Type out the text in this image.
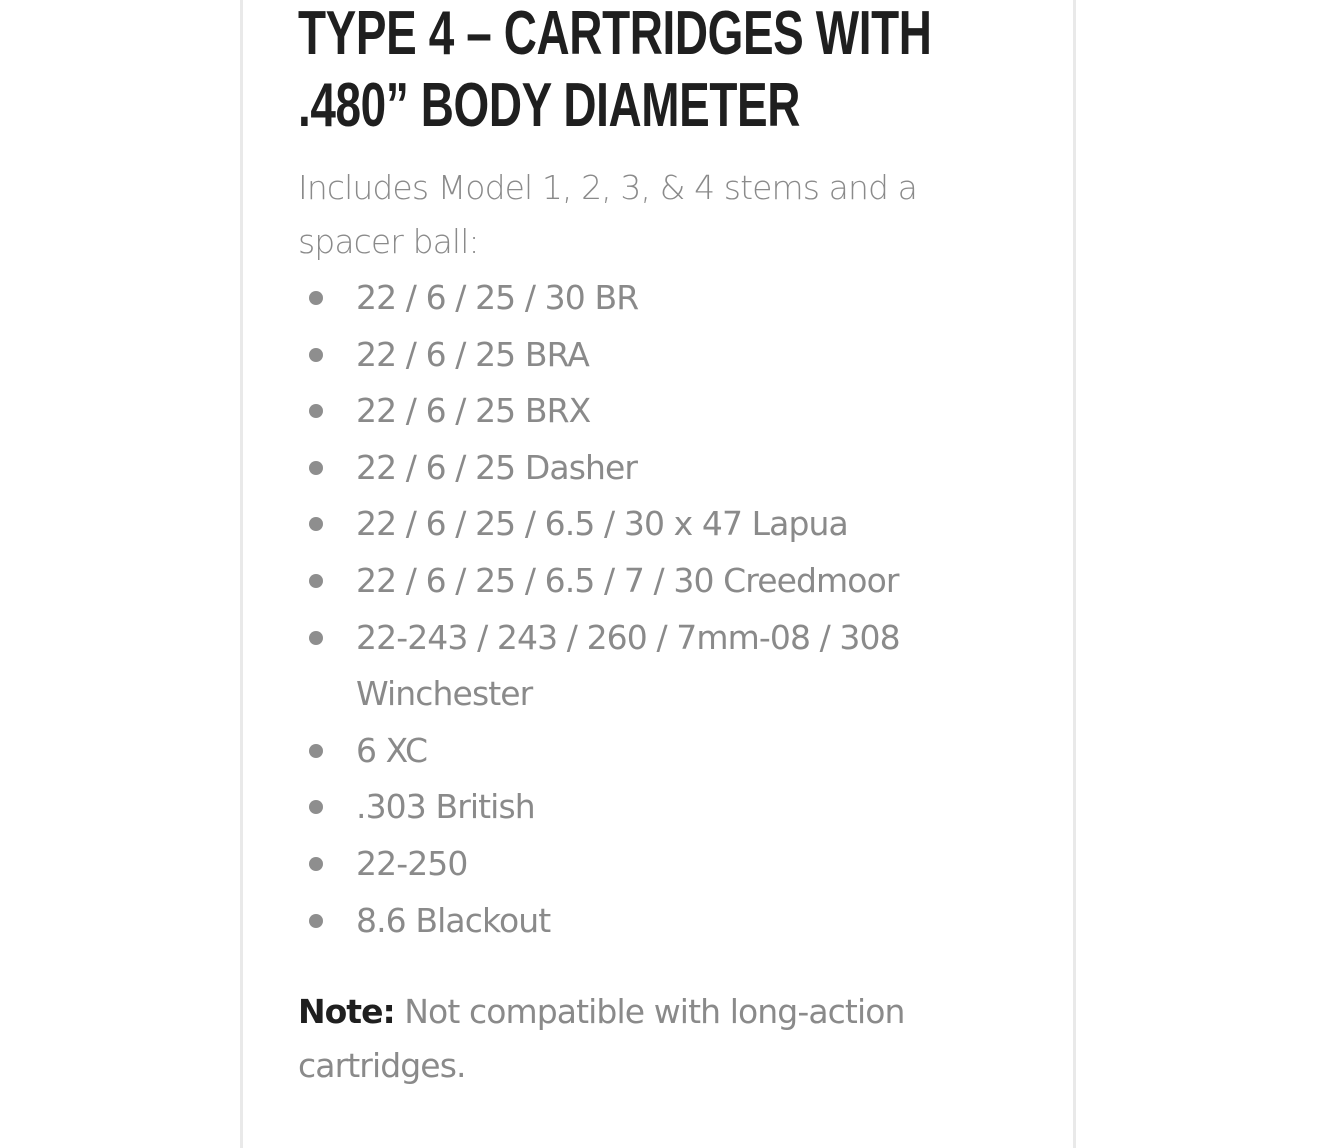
TYPE 4 – CARTRIDGES WITH .480” BODY DIAMETER

Includes Model 1, 2, 3, & 4 stems and a spacer ball:

22 / 6 / 25 / 30 BR
22 / 6 / 25 BRA
22 / 6 / 25 BRX
22 / 6 / 25 Dasher
22 / 6 / 25 / 6.5 / 30 x 47 Lapua
22 / 6 / 25 / 6.5 / 7 / 30 Creedmoor
22-243 / 243 / 260 / 7mm-08 / 308 Winchester
6 XC
.303 British
22-250
8.6 Blackout

Note: Not compatible with long-action cartridges.
